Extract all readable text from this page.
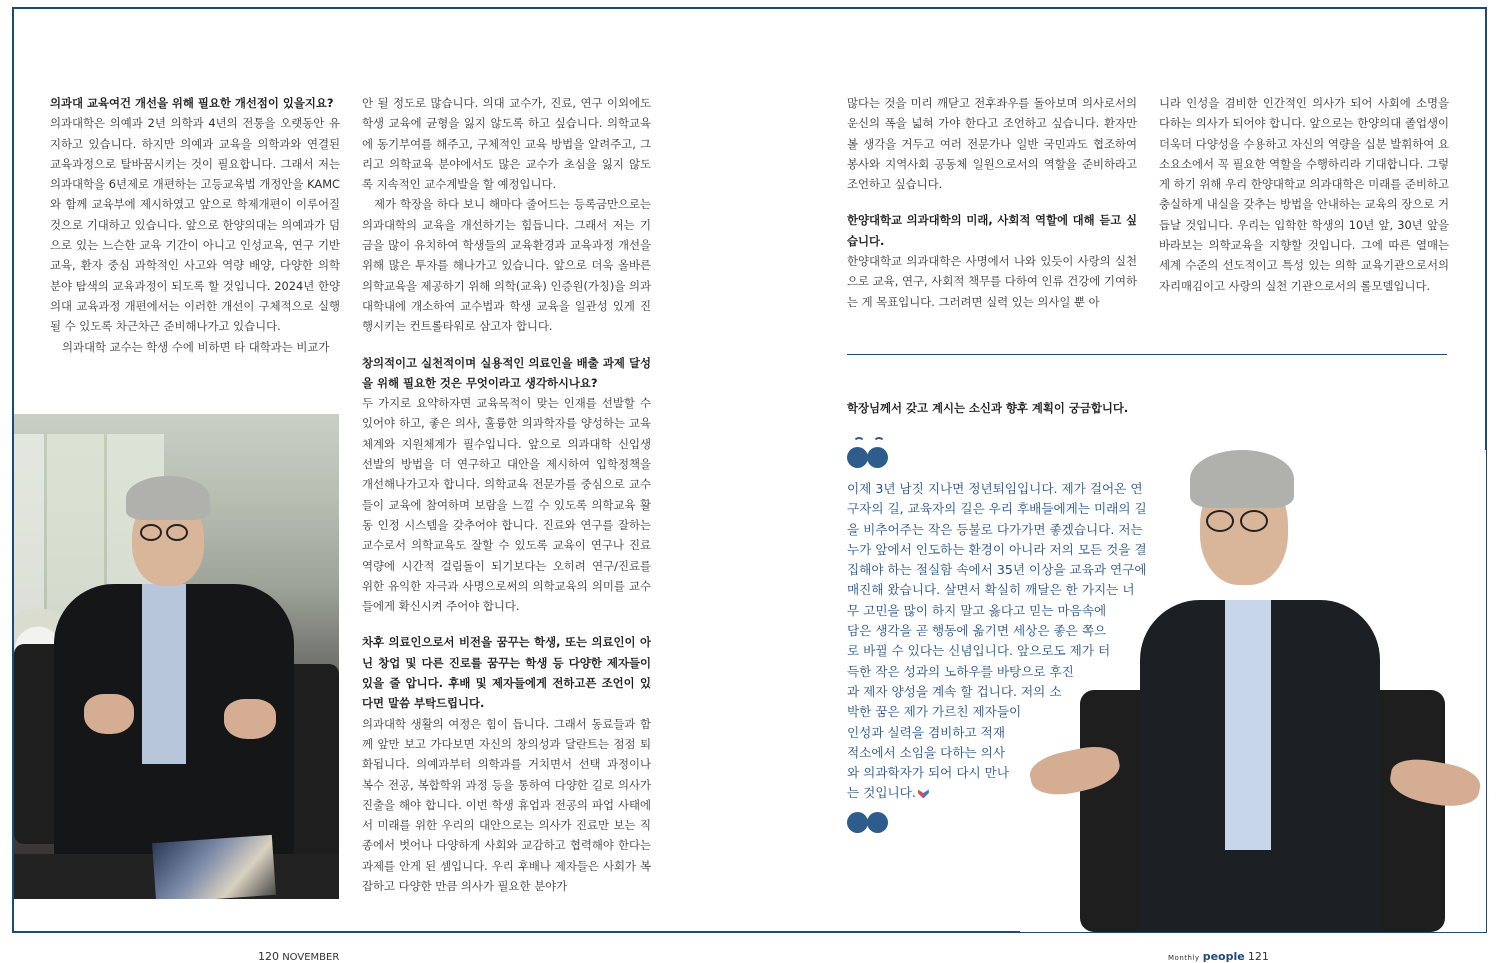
의과대 교육여건 개선을 위해 필요한 개선점이 있을지요?

의과대학은 의예과 2년 의학과 4년의 전통을 오랫동안 유지하고 있습니다. 하지만 의예과 교육을 의학과와 연결된 교육과정으로 탈바꿈시키는 것이 필요합니다. 그래서 저는 의과대학을 6년제로 개편하는 고등교육법 개정안을 KAMC와 함께 교육부에 제시하였고 앞으로 학제개편이 이루어질 것으로 기대하고 있습니다. 앞으로 한양의대는 의예과가 덤으로 있는 느슨한 교육 기간이 아니고 인성교육, 연구 기반 교육, 환자 중심 과학적인 사고와 역량 배양, 다양한 의학 분야 탐색의 교육과정이 되도록 할 것입니다. 2024년 한양의대 교육과정 개편에서는 이러한 개선이 구체적으로 실행될 수 있도록 차근차근 준비해나가고 있습니다.

의과대학 교수는 학생 수에 비하면 타 대학과는 비교가

안 될 정도로 많습니다. 의대 교수가, 진료, 연구 이외에도 학생 교육에 균형을 잃지 않도록 하고 싶습니다. 의학교육에 동기부여를 해주고, 구체적인 교육 방법을 알려주고, 그리고 의학교육 분야에서도 많은 교수가 초심을 잃지 않도록 지속적인 교수계발을 할 예정입니다.

제가 학장을 하다 보니 해마다 줄어드는 등록금만으로는 의과대학의 교육을 개선하기는 힘듭니다. 그래서 저는 기금을 많이 유치하여 학생들의 교육환경과 교육과정 개선을 위해 많은 투자를 해나가고 있습니다. 앞으로 더욱 올바른 의학교육을 제공하기 위해 의학(교육) 인증원(가칭)을 의과대학내에 개소하여 교수법과 학생 교육을 일관성 있게 진행시키는 컨트롤타워로 삼고자 합니다.

창의적이고 실천적이며 실용적인 의료인을 배출 과제 달성을 위해 필요한 것은 무엇이라고 생각하시나요?

두 가지로 요약하자면 교육목적이 맞는 인재를 선발할 수 있어야 하고, 좋은 의사, 훌륭한 의과학자를 양성하는 교육체계와 지원체계가 필수입니다. 앞으로 의과대학 신입생 선발의 방법을 더 연구하고 대안을 제시하여 입학정책을 개선해나가고자 합니다. 의학교육 전문가를 중심으로 교수들이 교육에 참여하며 보람을 느낄 수 있도록 의학교육 활동 인정 시스템을 갖추어야 합니다. 진료와 연구를 잘하는 교수로서 의학교육도 잘할 수 있도록 교육이 연구나 진료역량에 시간적 걸림돌이 되기보다는 오히려 연구/진료를 위한 유익한 자극과 사명으로써의 의학교육의 의미를 교수들에게 확신시켜 주어야 합니다.

차후 의료인으로서 비전을 꿈꾸는 학생, 또는 의료인이 아닌 창업 및 다른 진로를 꿈꾸는 학생 등 다양한 제자들이 있을 줄 압니다. 후배 및 제자들에게 전하고픈 조언이 있다면 말씀 부탁드립니다.

의과대학 생활의 여정은 힘이 듭니다. 그래서 동료들과 함께 앞만 보고 가다보면 자신의 창의성과 달란트는 점점 퇴화됩니다. 의예과부터 의학과를 거치면서 선택 과정이나 복수 전공, 복합학위 과정 등을 통하여 다양한 길로 의사가 진출을 해야 합니다. 이번 학생 휴업과 전공의 파업 사태에서 미래를 위한 우리의 대안으로는 의사가 진료만 보는 직종에서 벗어나 다양하게 사회와 교감하고 협력해야 한다는 과제를 안게 된 셈입니다. 우리 후배나 제자들은 사회가 복잡하고 다양한 만큼 의사가 필요한 분야가

많다는 것을 미리 깨닫고 전후좌우를 돌아보며 의사로서의 운신의 폭을 넓혀 가야 한다고 조언하고 싶습니다. 환자만 볼 생각을 거두고 여러 전문가나 일반 국민과도 협조하여 봉사와 지역사회 공동체 일원으로서의 역할을 준비하라고 조언하고 싶습니다.

한양대학교 의과대학의 미래, 사회적 역할에 대해 듣고 싶습니다.

한양대학교 의과대학은 사명에서 나와 있듯이 사랑의 실천으로 교육, 연구, 사회적 책무를 다하여 인류 건강에 기여하는 게 목표입니다. 그러려면 실력 있는 의사일 뿐 아

니라 인성을 겸비한 인간적인 의사가 되어 사회에 소명을 다하는 의사가 되어야 합니다. 앞으로는 한양의대 졸업생이 더욱더 다양성을 수용하고 자신의 역량을 십분 발휘하여 요소요소에서 꼭 필요한 역할을 수행하리라 기대합니다. 그렇게 하기 위해 우리 한양대학교 의과대학은 미래를 준비하고 충실하게 내실을 갖추는 방법을 안내하는 교육의 장으로 거듭날 것입니다. 우리는 입학한 학생의 10년 앞, 30년 앞을 바라보는 의학교육을 지향할 것입니다. 그에 따른 열매는 세계 수준의 선도적이고 특성 있는 의학 교육기관으로서의 자리매김이고 사랑의 실천 기관으로서의 롤모델입니다.

학장님께서 갖고 계시는 소신과 향후 계획이 궁금합니다.
이제 3년 남짓 지나면 정년퇴임입니다. 제가 걸어온 연
구자의 길, 교육자의 길은 우리 후배들에게는 미래의 길
을 비추어주는 작은 등불로 다가가면 좋겠습니다. 저는
누가 앞에서 인도하는 환경이 아니라 저의 모든 것을 결
집해야 하는 절실함 속에서 35년 이상을 교육과 연구에
매진해 왔습니다. 살면서 확실히 깨달은 한 가지는 너
무 고민을 많이 하지 말고 옳다고 믿는 마음속에
담은 생각을 곧 행동에 옮기면 세상은 좋은 쪽으
로 바뀔 수 있다는 신념입니다. 앞으로도 제가 터
득한 작은 성과의 노하우를 바탕으로 후진
과 제자 양성을 계속 할 겁니다. 저의 소
박한 꿈은 제가 가르친 제자들이
인성과 실력을 겸비하고 적재
적소에서 소임을 다하는 의사
와 의과학자가 되어 다시 만나
는 것입니다.
120 NOVEMBER	Monthly people 121
